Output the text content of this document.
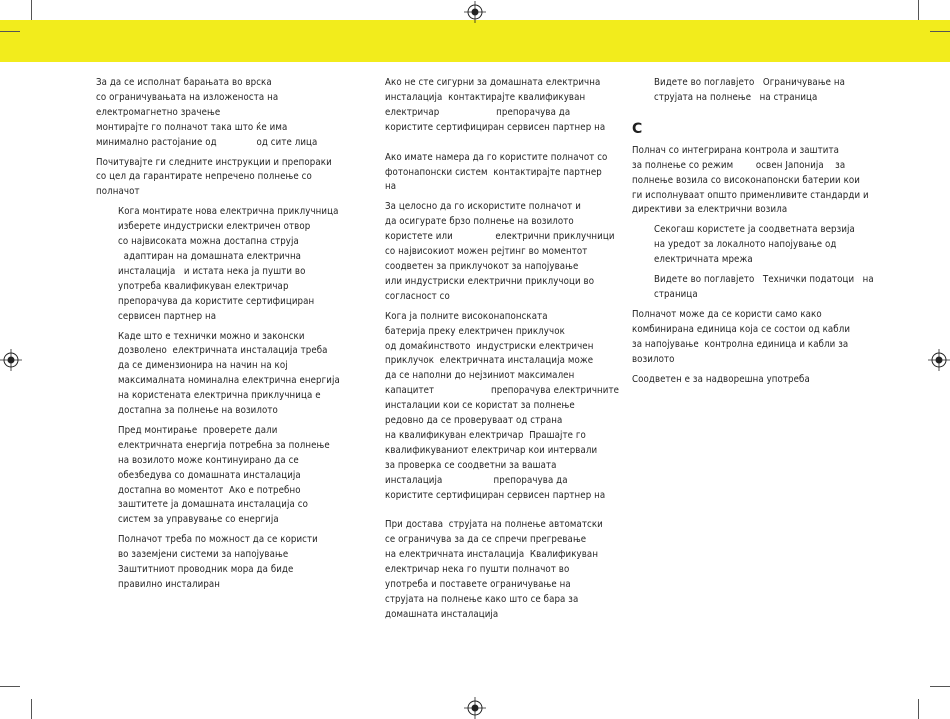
За да се исполнат барањата во врска
со ограничувањата на изложеноста на
електромагнетно зрачење
монтирајте го полначот така што ќе има
минимално растојание од              од сите лица

Почитувајте ги следните инструкции и препораки
со цел да гарантирате непречено полнење со
полначот

Кога монтирате нова електрична приклучница
изберете индустриски електричен отвор
со највисоката можна достапна струја
адаптиран на домашната електрична
инсталација   и истата нека ја пушти во
употреба квалификуван електричар
препорачува да користите сертифициран
сервисен партнер на

Каде што е технички можно и законски
дозволено  електричната инсталација треба
да се димензионира на начин на кој
максималната номинална електрична енергија
на користената електрична приклучница е
достапна за полнење на возилото

Пред монтирање  проверете дали
електричната енергија потребна за полнење
на возилото може континуирано да се
обезбедува со домашната инсталација
достапна во моментот  Ако е потребно
заштитете ја домашната инсталација со
систем за управување со енергија

Полначот треба по можност да се користи
во заземјени системи за напојување
Заштитниот проводник мора да биде
правилно инсталиран

Ако не сте сигурни за домашната електрична
инсталација  контактирајте квалификуван
електричар                    препорачува да
користите сертифициран сервисен партнер на

Ако имате намера да го користите полначот со
фотонапонски систем  контактирајте партнер
на

За целосно да го искористите полначот и
да осигурате брзо полнење на возилото
користете или               електрични приклучници
со највисокиот можен рејтинг во моментот
соодветен за приклучокот за напојување
или индустриски електрични приклучоци во
согласност со

Кога ја полните високонапонската
батерија преку електричен приклучок
од домаќинството  индустриски електричен
приклучок  електричната инсталација може
да се наполни до нејзиниот максимален
капацитет                    препорачува електричните
инсталации кои се користат за полнење
редовно да се проверуваат од страна
на квалификуван електричар  Прашајте го
квалификуваниот електричар кои интервали
за проверка се соодветни за вашата
инсталација                  препорачува да
користите сертифициран сервисен партнер на

При достава  струјата на полнење автоматски
се ограничува за да се спречи прегревање
на електричната инсталација  Квалификуван
електричар нека го пушти полначот во
употреба и поставете ограничување на
струјата на полнење како што се бара за
домашната инсталација

Видете во поглавјето   Ограничување на
струјата на полнење   на страница

C

Полнач со интегрирана контрола и заштита
за полнење со режим        освен Јапонија    за
полнење возила со високонапонски батерии кои
ги исполнуваат општо применливите стандарди и
директиви за електрични возила

Секогаш користете ја соодветната верзија
на уредот за локалното напојување од
електричната мрежа

Видете во поглавјето   Технички податоци   на
страница

Полначот може да се користи само како
комбинирана единица која се состои од кабли
за напојување  контролна единица и кабли за
возилото

Соодветен е за надворешна употреба
